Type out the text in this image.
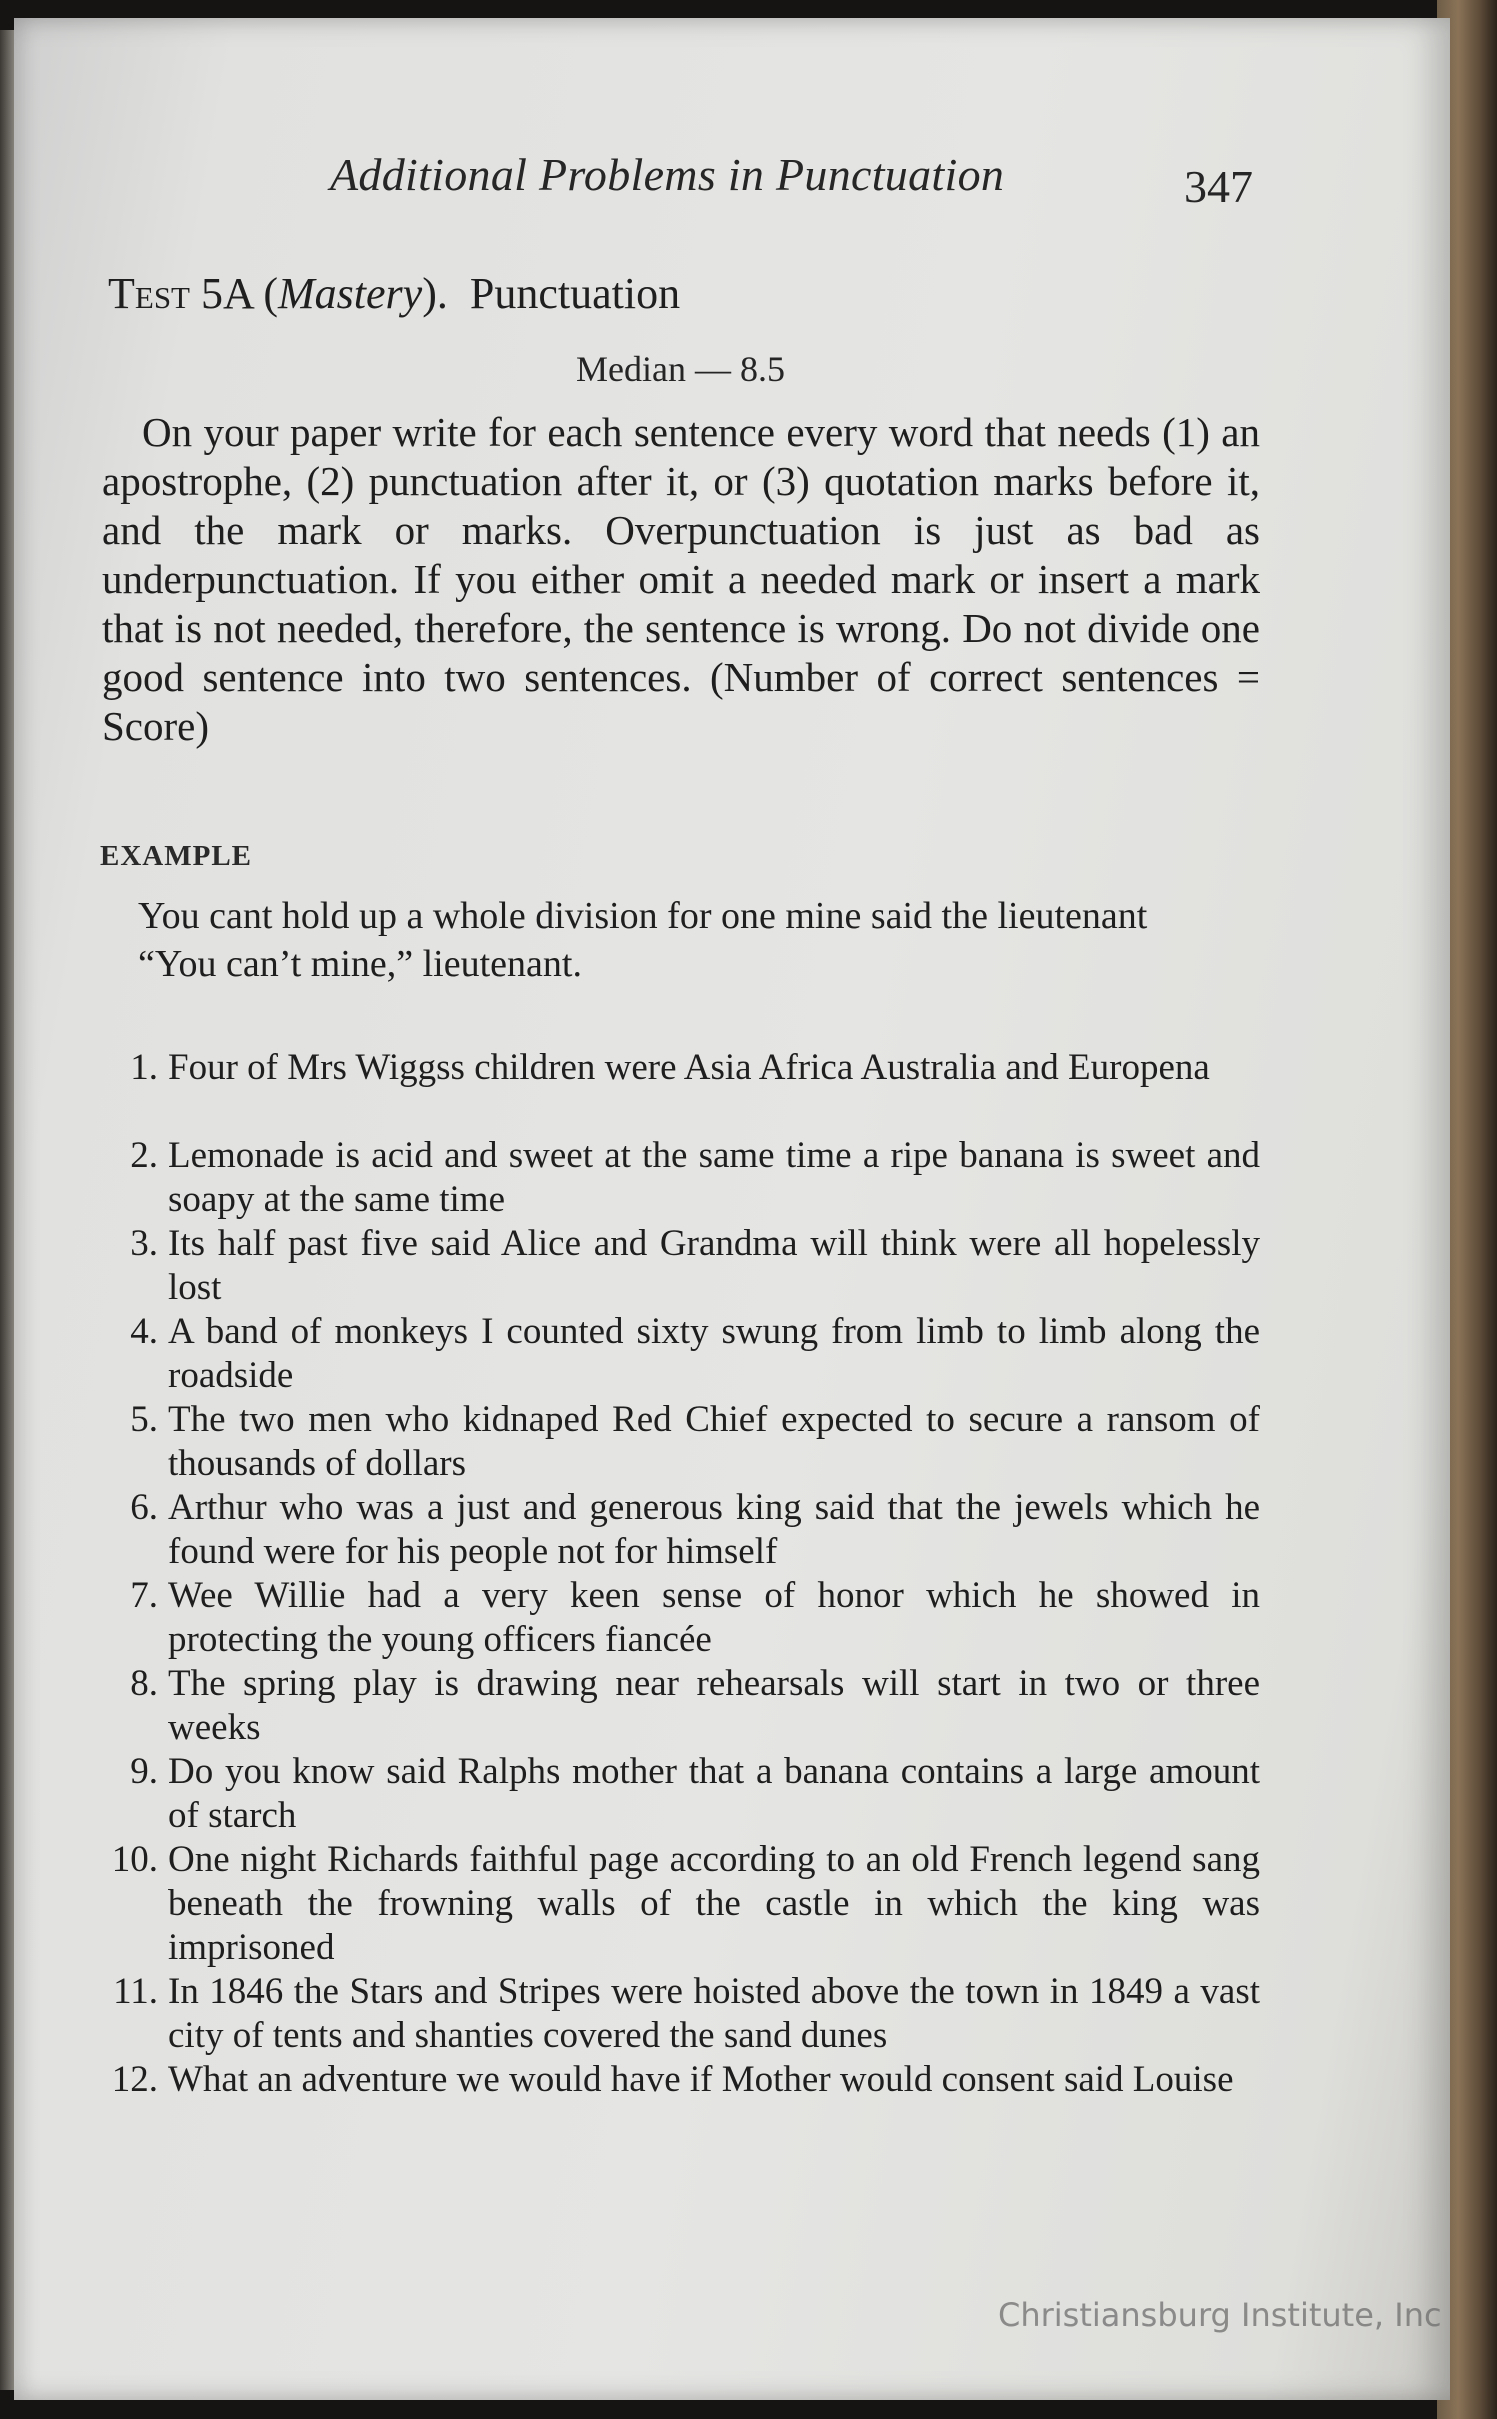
Additional Problems in Punctuation	347
Test 5A (Mastery).  Punctuation
Median — 8.5

On your paper write for each sentence every word that needs (1) an apostrophe, (2) punctuation after it, or (3) quotation marks before it, and the mark or marks. Overpunctuation is just as bad as underpunctuation. If you either omit a needed mark or insert a mark that is not needed, therefore, the sentence is wrong. Do not divide one good sentence into two sentences. (Number of correct sentences = Score)

EXAMPLE

You cant hold up a whole division for one mine said the lieutenant

“You can’t mine,” lieutenant.

1. Four of Mrs Wiggss children were Asia Africa Australia and Europena
2. Lemonade is acid and sweet at the same time a ripe banana is sweet and soapy at the same time
3. Its half past five said Alice and Grandma will think were all hopelessly lost
4. A band of monkeys I counted sixty swung from limb to limb along the roadside
5. The two men who kidnaped Red Chief expected to secure a ransom of thousands of dollars
6. Arthur who was a just and generous king said that the jewels which he found were for his people not for himself
7. Wee Willie had a very keen sense of honor which he showed in protecting the young officers fiancée
8. The spring play is drawing near rehearsals will start in two or three weeks
9. Do you know said Ralphs mother that a banana contains a large amount of starch
10. One night Richards faithful page according to an old French legend sang beneath the frowning walls of the castle in which the king was imprisoned
11. In 1846 the Stars and Stripes were hoisted above the town in 1849 a vast city of tents and shanties covered the sand dunes
12. What an adventure we would have if Mother would consent said Louise
Christiansburg Institute, Inc
